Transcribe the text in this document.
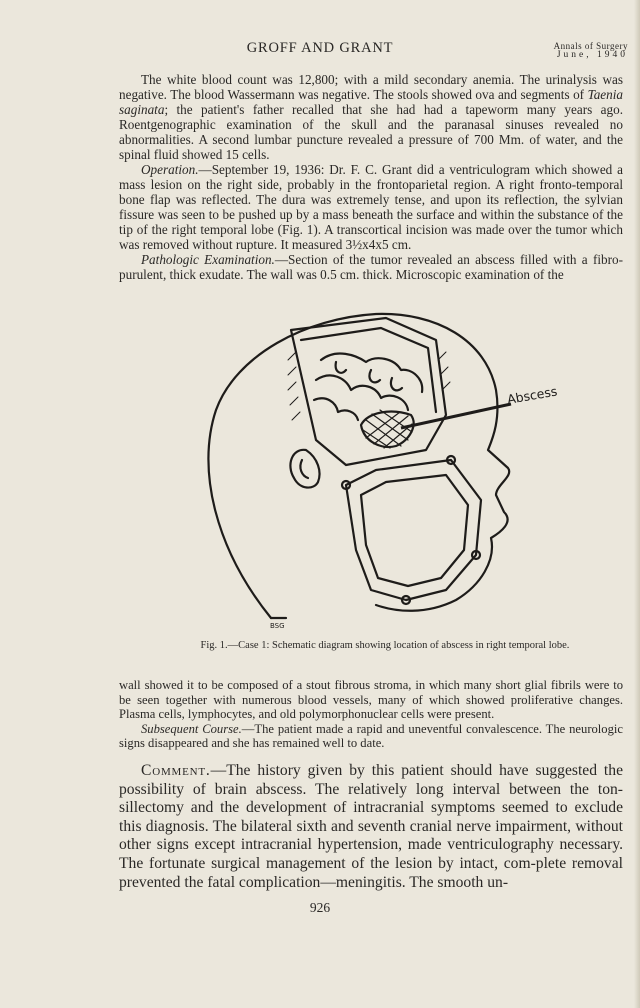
GROFF AND GRANT	Annals of Surgery
June, 1940

The white blood count was 12,800; with a mild secondary anemia. The urinalysis was negative. The blood Wassermann was negative. The stools showed ova and segments of Taenia saginata; the patient's father recalled that she had had a tapeworm many years ago. Roentgenographic examination of the skull and the paranasal sinuses revealed no abnormalities. A second lumbar puncture revealed a pressure of 700 Mm. of water, and the spinal fluid showed 15 cells.

Operation.—September 19, 1936: Dr. F. C. Grant did a ventriculogram which showed a mass lesion on the right side, probably in the frontoparietal region. A right fronto-temporal bone flap was reflected. The dura was extremely tense, and upon its reflection, the sylvian fissure was seen to be pushed up by a mass beneath the surface and within the substance of the tip of the right temporal lobe (Fig. 1). A transcortical incision was made over the tumor which was removed without rupture. It measured 3½x4x5 cm.

Pathologic Examination.—Section of the tumor revealed an abscess filled with a fibro-purulent, thick exudate. The wall was 0.5 cm. thick. Microscopic examination of the

Abscess
BSG
Fig. 1.—Case 1: Schematic diagram showing location of abscess in right temporal lobe.

wall showed it to be composed of a stout fibrous stroma, in which many short glial fibrils were to be seen together with numerous blood vessels, many of which showed proliferative changes. Plasma cells, lymphocytes, and old polymorphonuclear cells were present.

Subsequent Course.—The patient made a rapid and uneventful convalescence. The neurologic signs disappeared and she has remained well to date.

Comment.—The history given by this patient should have suggested the possibility of brain abscess. The relatively long interval between the ton-sillectomy and the development of intracranial symptoms seemed to exclude this diagnosis. The bilateral sixth and seventh cranial nerve impairment, without other signs except intracranial hypertension, made ventriculography necessary. The fortunate surgical management of the lesion by intact, com-plete removal prevented the fatal complication—meningitis. The smooth un-

926
